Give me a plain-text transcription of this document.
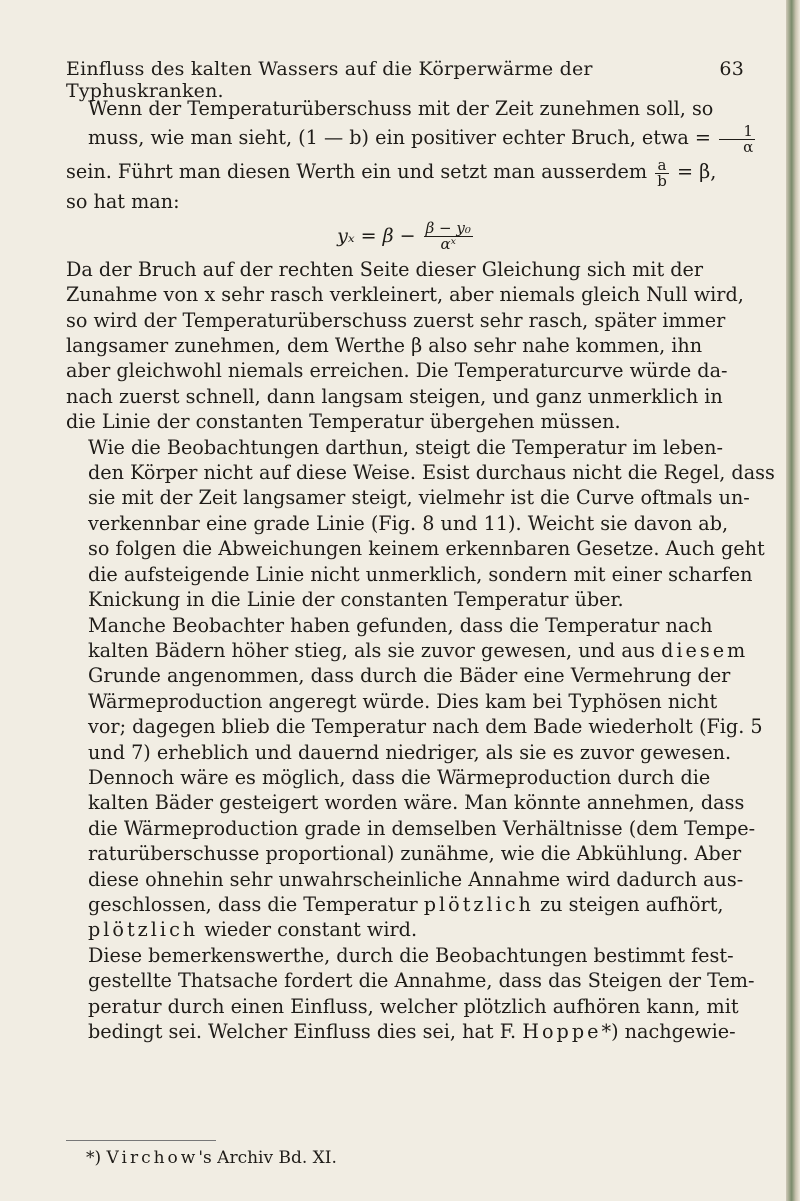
Einfluss des kalten Wassers auf die Körperwärme der Typhuskranken.
63

Wenn der Temperaturüberschuss mit der Zeit zunehmen soll, so
muss, wie man sieht, (1 — b) ein positiver echter Bruch, etwa = $\frac{1}{\alpha}$

sein. Führt man diesen Werth ein und setzt man ausserdem $\frac{a}{b} = \beta$,
so hat man:
$y_x = \beta - \frac{\text{β − y₀}}{\text{αˣ}}$

Da der Bruch auf der rechten Seite dieser Gleichung sich mit der
Zunahme von x sehr rasch verkleinert, aber niemals gleich Null wird,
so wird der Temperaturüberschuss zuerst sehr rasch, später immer
langsamer zunehmen, dem Werthe β also sehr nahe kommen, ihn
aber gleichwohl niemals erreichen. Die Temperaturcurve würde da-
nach zuerst schnell, dann langsam steigen, und ganz unmerklich in
die Linie der constanten Temperatur übergehen müssen.

Wie die Beobachtungen darthun, steigt die Temperatur im leben-
den Körper nicht auf diese Weise. Esist durchaus nicht die Regel, dass
sie mit der Zeit langsamer steigt, vielmehr ist die Curve oftmals un-
verkennbar eine grade Linie (Fig. 8 und 11). Weicht sie davon ab,
so folgen die Abweichungen keinem erkennbaren Gesetze. Auch geht
die aufsteigende Linie nicht unmerklich, sondern mit einer scharfen
Knickung in die Linie der constanten Temperatur über.

Manche Beobachter haben gefunden, dass die Temperatur nach
kalten Bädern höher stieg, als sie zuvor gewesen, und aus diesem
Grunde angenommen, dass durch die Bäder eine Vermehrung der
Wärmeproduction angeregt würde. Dies kam bei Typhösen nicht
vor; dagegen blieb die Temperatur nach dem Bade wiederholt (Fig. 5
und 7) erheblich und dauernd niedriger, als sie es zuvor gewesen.

Dennoch wäre es möglich, dass die Wärmeproduction durch die
kalten Bäder gesteigert worden wäre. Man könnte annehmen, dass
die Wärmeproduction grade in demselben Verhältnisse (dem Tempe-
raturüberschusse proportional) zunähme, wie die Abkühlung. Aber
diese ohnehin sehr unwahrscheinliche Annahme wird dadurch aus-
geschlossen, dass die Temperatur plötzlich zu steigen aufhört,
plötzlich wieder constant wird.

Diese bemerkenswerthe, durch die Beobachtungen bestimmt fest-
gestellte Thatsache fordert die Annahme, dass das Steigen der Tem-
peratur durch einen Einfluss, welcher plötzlich aufhören kann, mit
bedingt sei. Welcher Einfluss dies sei, hat F. Hoppe*) nachgewie-

*) Virchow's Archiv Bd. XI.
